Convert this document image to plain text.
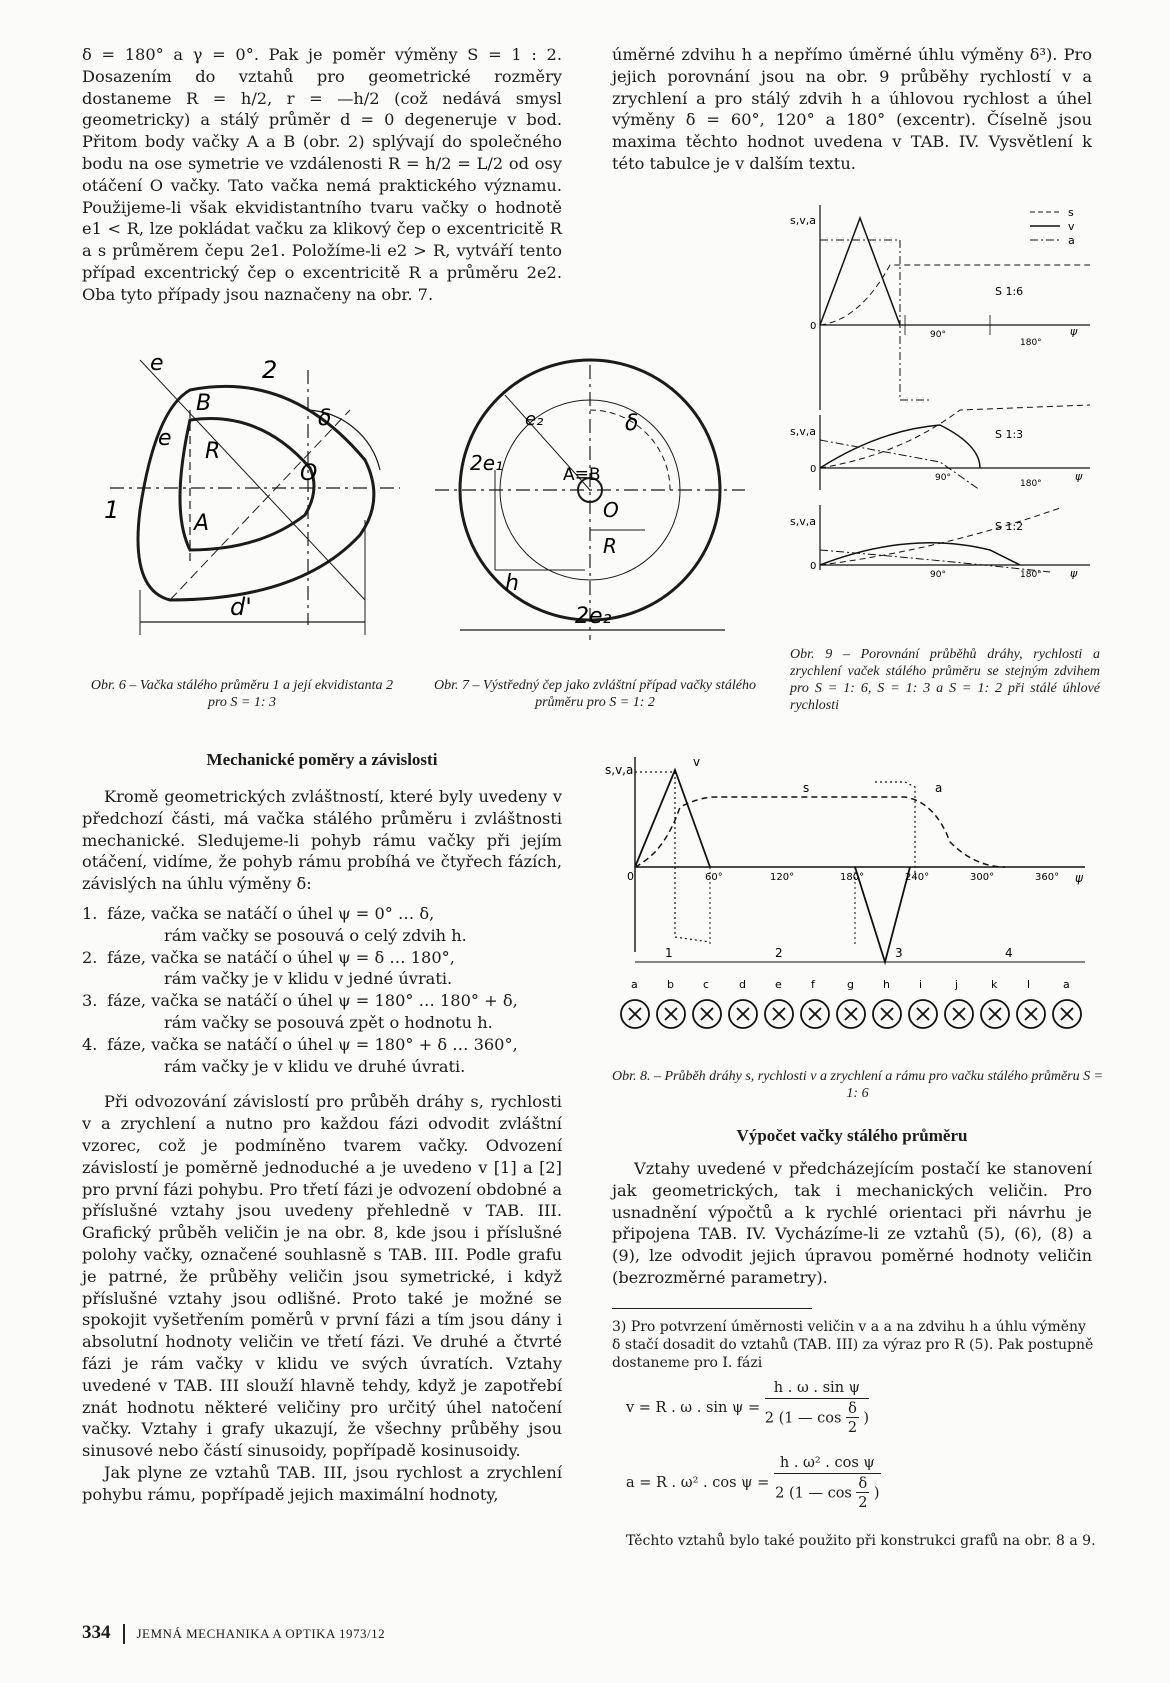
δ = 180° a γ = 0°. Pak je poměr výměny S = 1 : 2. Dosazením do vztahů pro geometrické rozměry dostaneme R = h/2, r = —h/2 (což nedává smysl geometricky) a stálý průměr d = 0 degeneruje v bod. Přitom body vačky A a B (obr. 2) splývají do společného bodu na ose symetrie ve vzdálenosti R = h/2 = L/2 od osy otáčení O vačky. Tato vačka nemá praktického významu. Použijeme-li však ekvidistantního tvaru vačky o hodnotě e1 < R, lze pokládat vačku za klikový čep o excentricitě R a s průměrem čepu 2e1. Položíme-li e2 > R, vytváří tento případ excentrický čep o excentricitě R a průměru 2e2. Oba tyto případy jsou naznačeny na obr. 7.

úměrné zdvihu h a nepřímo úměrné úhlu výměny δ³). Pro jejich porovnání jsou na obr. 9 průběhy rychlostí v a zrychlení a pro stálý zdvih h a úhlovou rychlost a úhel výměny δ = 60°, 120° a 180° (excentr). Číselně jsou maxima těchto hodnot uvedena v TAB. IV. Vysvětlení k této tabulce je v dalším textu.

e	2
B
δ
e
R
O
1	A
d'
Obr. 6 – Vačka stálého průměru 1 a její ekvidistanta 2 pro S = 1: 3
e₂	δ
2e₁	A≡B
O
R
h
2e₂
Obr. 7 – Výstředný čep jako zvláštní případ vačky stálého průměru pro S = 1: 2
s,v,a
s
v
a
0
S 1:6
90°
180°
ψ
s,v,a
0
S 1:3
90°
180°
ψ
s,v,a
0
S 1:2
90°	180°	ψ
Obr. 9 – Porovnání průběhů dráhy, rychlosti a zrychlení vaček stálého průměru se stejným zdvihem pro S = 1: 6, S = 1: 3 a S = 1: 2 při stálé úhlové rychlosti
Mechanické poměry a závislosti

Kromě geometrických zvláštností, které byly uvedeny v předchozí části, má vačka stálého průměru i zvláštnosti mechanické. Sledujeme-li pohyb rámu vačky při jejím otáčení, vidíme, že pohyb rámu probíhá ve čtyřech fázích, závislých na úhlu výměny δ:

1. fáze, vačka se natáčí o úhel ψ = 0° … δ,
rám vačky se posouvá o celý zdvih h.
2. fáze, vačka se natáčí o úhel ψ = δ … 180°,
rám vačky je v klidu v jedné úvrati.
3. fáze, vačka se natáčí o úhel ψ = 180° … 180° + δ,
rám vačky se posouvá zpět o hodnotu h.
4. fáze, vačka se natáčí o úhel ψ = 180° + δ … 360°,
rám vačky je v klidu ve druhé úvrati.

Při odvozování závislostí pro průběh dráhy s, rychlosti v a zrychlení a nutno pro každou fázi odvodit zvláštní vzorec, což je podmíněno tvarem vačky. Odvození závislostí je poměrně jednoduché a je uvedeno v [1] a [2] pro první fázi pohybu. Pro třetí fázi je odvození obdobné a příslušné vztahy jsou uvedeny přehledně v TAB. III. Grafický průběh veličin je na obr. 8, kde jsou i příslušné polohy vačky, označené souhlasně s TAB. III. Podle grafu je patrné, že průběhy veličin jsou symetrické, i když příslušné vztahy jsou odlišné. Proto také je možné se spokojit vyšetřením poměrů v první fázi a tím jsou dány i absolutní hodnoty veličin ve třetí fázi. Ve druhé a čtvrté fázi je rám vačky v klidu ve svých úvratích. Vztahy uvedené v TAB. III slouží hlavně tehdy, když je zapotřebí znát hodnotu některé veličiny pro určitý úhel natočení vačky. Vztahy i grafy ukazují, že všechny průběhy jsou sinusové nebo částí sinusoidy, popřípadě kosinusoidy.

Jak plyne ze vztahů TAB. III, jsou rychlost a zrychlení pohybu rámu, popřípadě jejich maximální hodnoty,

s,v,a
v
s	a
0	60°	120°	180°	240°	300°	360° ψ
1	2	3	4
a	b	c	d	e	f	g	h	i	j	k	l	a
Obr. 8. – Průběh dráhy s, rychlosti v a zrychlení a rámu pro vačku stálého průměru S = 1: 6
Výpočet vačky stálého průměru

Vztahy uvedené v předcházejícím postačí ke stanovení jak geometrických, tak i mechanických veličin. Pro usnadnění výpočtů a k rychlé orientaci při návrhu je připojena TAB. IV. Vycházíme-li ze vztahů (5), (6), (8) a (9), lze odvodit jejich úpravou poměrné hodnoty veličin (bezrozměrné parametry).

3) Pro potvrzení úměrnosti veličin v a a na zdvihu h a úhlu výměny δ stačí dosadit do vztahů (TAB. III) za výraz pro R (5). Pak postupně dostaneme pro I. fázi
v = R . ω . $\sin \psi = \frac{\text{h . ω . sin ψ}}{2 (1 — \cos \frac{\delta}{2} )}$
a = R . ω² . $\cos \psi = \frac{\text{h . ω² . cos ψ}}{2 (1 — \cos \frac{\delta}{2} )}$
Těchto vztahů bylo také použito při konstrukci grafů na obr. 8 a 9.
334 JEMNÁ MECHANIKA A OPTIKA 1973/12
